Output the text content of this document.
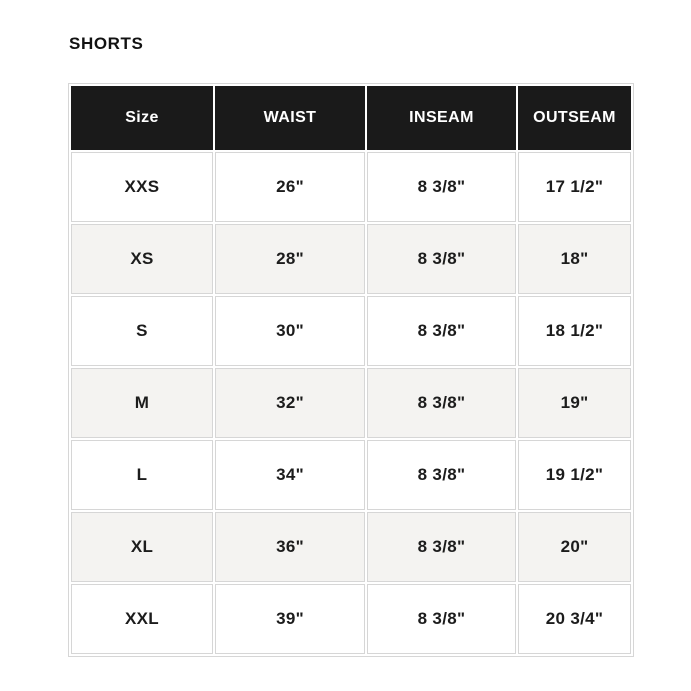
SHORTS
Size	WAIST	INSEAM	OUTSEAM
XXS	26"	8 3/8"	17 1/2"
XS	28"	8 3/8"	18"
S	30"	8 3/8"	18 1/2"
M	32"	8 3/8"	19"
L	34"	8 3/8"	19 1/2"
XL	36"	8 3/8"	20"
XXL	39"	8 3/8"	20 3/4"
